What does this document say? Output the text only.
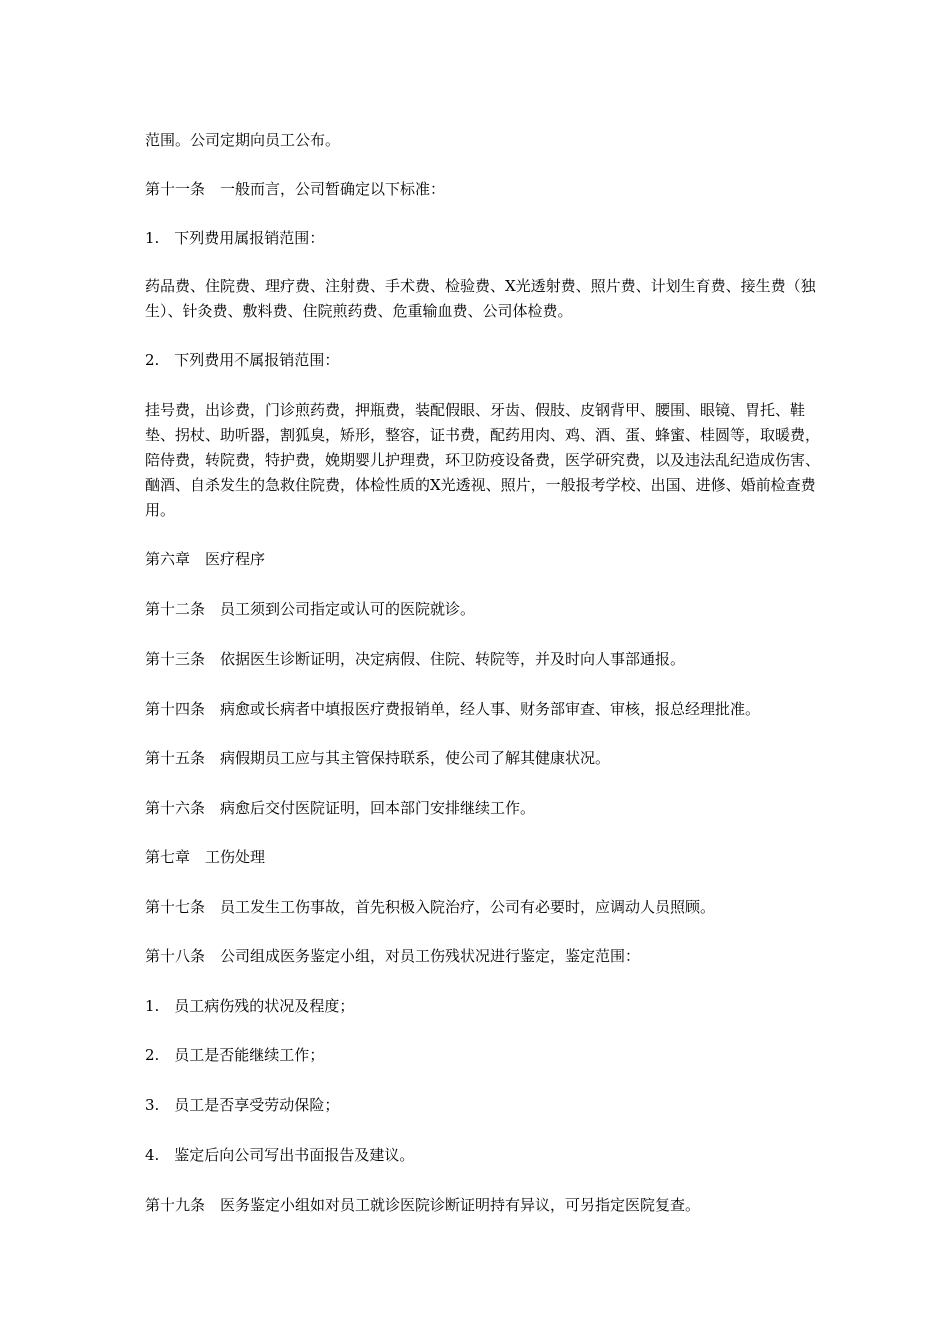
范围。公司定期向员工公布。

第十一条　一般而言，公司暂确定以下标准：

1.　下列费用属报销范围：

药品费、住院费、理疗费、注射费、手术费、检验费、X光透射费、照片费、计划生育费、接生费（独生）、针灸费、敷料费、住院煎药费、危重输血费、公司体检费。

2.　下列费用不属报销范围：

挂号费，出诊费，门诊煎药费，押瓶费，装配假眼、牙齿、假肢、皮钢背甲、腰围、眼镜、胃托、鞋垫、拐杖、助听器，割狐臭，矫形，整容，证书费，配药用肉、鸡、酒、蛋、蜂蜜、桂圆等，取暖费，陪侍费，转院费，特护费，娩期婴儿护理费，环卫防疫设备费，医学研究费，以及违法乱纪造成伤害、酗酒、自杀发生的急救住院费，体检性质的X光透视、照片，一般报考学校、出国、进修、婚前检查费用。

第六章　医疗程序

第十二条　员工须到公司指定或认可的医院就诊。

第十三条　依据医生诊断证明，决定病假、住院、转院等，并及时向人事部通报。

第十四条　病愈或长病者中填报医疗费报销单，经人事、财务部审查、审核，报总经理批准。

第十五条　病假期员工应与其主管保持联系，使公司了解其健康状况。

第十六条　病愈后交付医院证明，回本部门安排继续工作。

第七章　工伤处理

第十七条　员工发生工伤事故，首先积极入院治疗，公司有必要时，应调动人员照顾。

第十八条　公司组成医务鉴定小组，对员工伤残状况进行鉴定，鉴定范围：

1.　员工病伤残的状况及程度；

2.　员工是否能继续工作；

3.　员工是否享受劳动保险；

4.　鉴定后向公司写出书面报告及建议。

第十九条　医务鉴定小组如对员工就诊医院诊断证明持有异议，可另指定医院复查。
